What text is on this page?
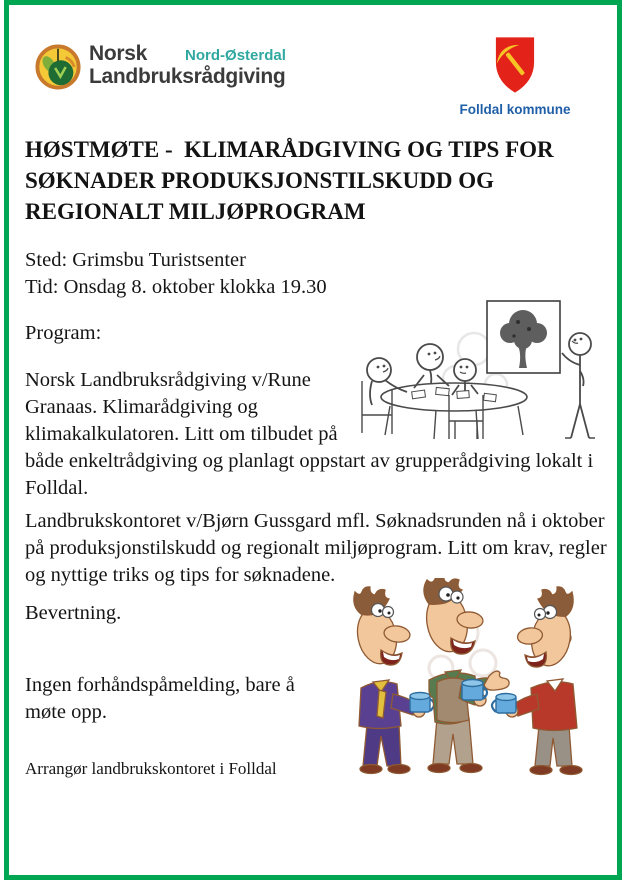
Norsk	Nord-Østerdal
Landbruksrådgiving
Folldal kommune
HØSTMØTE -  KLIMARÅDGIVING OG TIPS FOR
SØKNADER PRODUKSJONSTILSKUDD OG
REGIONALT MILJØPROGRAM
Sted: Grimsbu Turistsenter
Tid: Onsdag 8. oktober klokka 19.30
Program:
Norsk Landbruksrådgiving v/Rune Granaas. Klimarådgiving og klimakalkulatoren. Litt om tilbudet på både enkeltrådgiving og planlagt oppstart av grupperådgiving lokalt i Folldal.
Landbrukskontoret v/Bjørn Gussgard mfl. Søknadsrunden nå i oktober på produksjonstilskudd og regionalt miljøprogram. Litt om krav, regler og nyttige triks og tips for søknadene.
Bevertning.
Ingen forhåndspåmelding, bare å møte opp.
Arrangør landbrukskontoret i Folldal
